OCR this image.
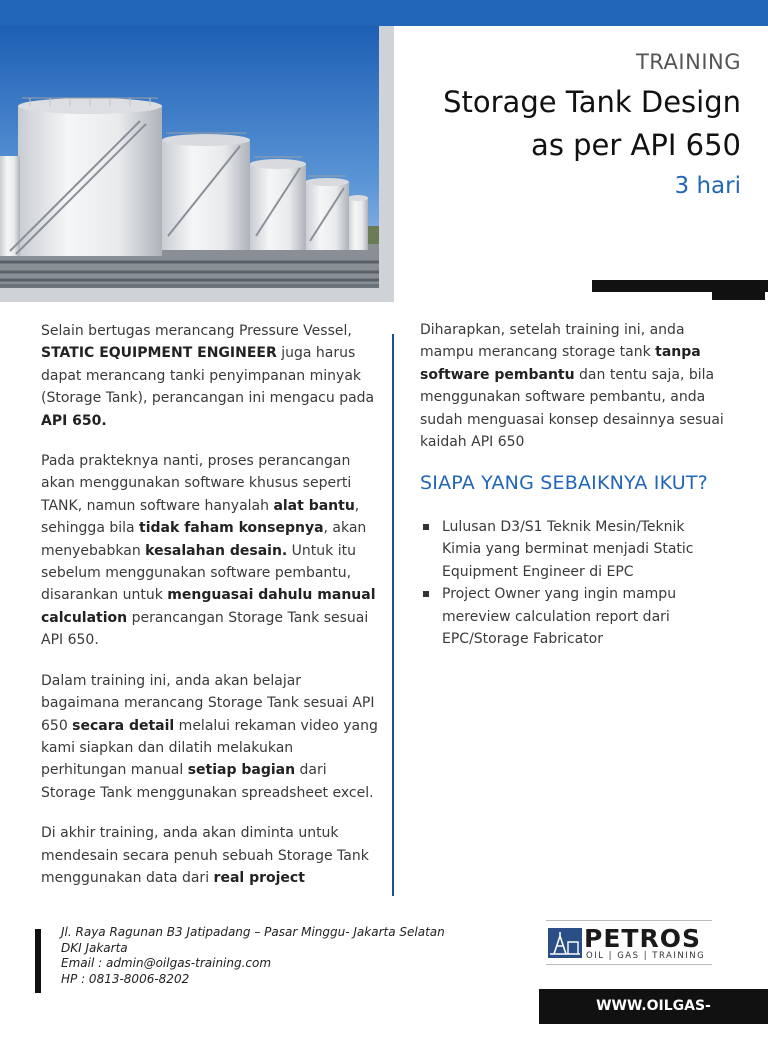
TRAINING
Storage Tank Design
as per API 650
3 hari

Selain bertugas merancang Pressure Vessel, STATIC EQUIPMENT ENGINEER juga harus dapat merancang tanki penyimpanan minyak (Storage Tank), perancangan ini mengacu pada API 650.

Pada prakteknya nanti, proses perancangan akan menggunakan software khusus seperti TANK, namun software hanyalah alat bantu, sehingga bila tidak faham konsepnya, akan menyebabkan kesalahan desain. Untuk itu sebelum menggunakan software pembantu, disarankan untuk menguasai dahulu manual calculation perancangan Storage Tank sesuai API 650.

Dalam training ini, anda akan belajar bagaimana merancang Storage Tank sesuai API 650 secara detail melalui rekaman video yang kami siapkan dan dilatih melakukan perhitungan manual setiap bagian dari Storage Tank menggunakan spreadsheet excel.

Di akhir training, anda akan diminta untuk mendesain secara penuh sebuah Storage Tank menggunakan data dari real project

Diharapkan, setelah training ini, anda mampu merancang storage tank tanpa software pembantu dan tentu saja, bila menggunakan software pembantu, anda sudah menguasai konsep desainnya sesuai kaidah API 650

SIAPA YANG SEBAIKNYA IKUT?
Lulusan D3/S1 Teknik Mesin/Teknik Kimia yang berminat menjadi Static Equipment Engineer di EPC
Project Owner yang ingin mampu mereview calculation report dari EPC/Storage Fabricator
Jl. Raya Ragunan B3 Jatipadang – Pasar Minggu- Jakarta Selatan
DKI Jakarta
Email : admin@oilgas-training.com
HP : 0813-8006-8202
PETROS
OIL | GAS | TRAINING
WWW.OILGAS-TRAINING.COM
